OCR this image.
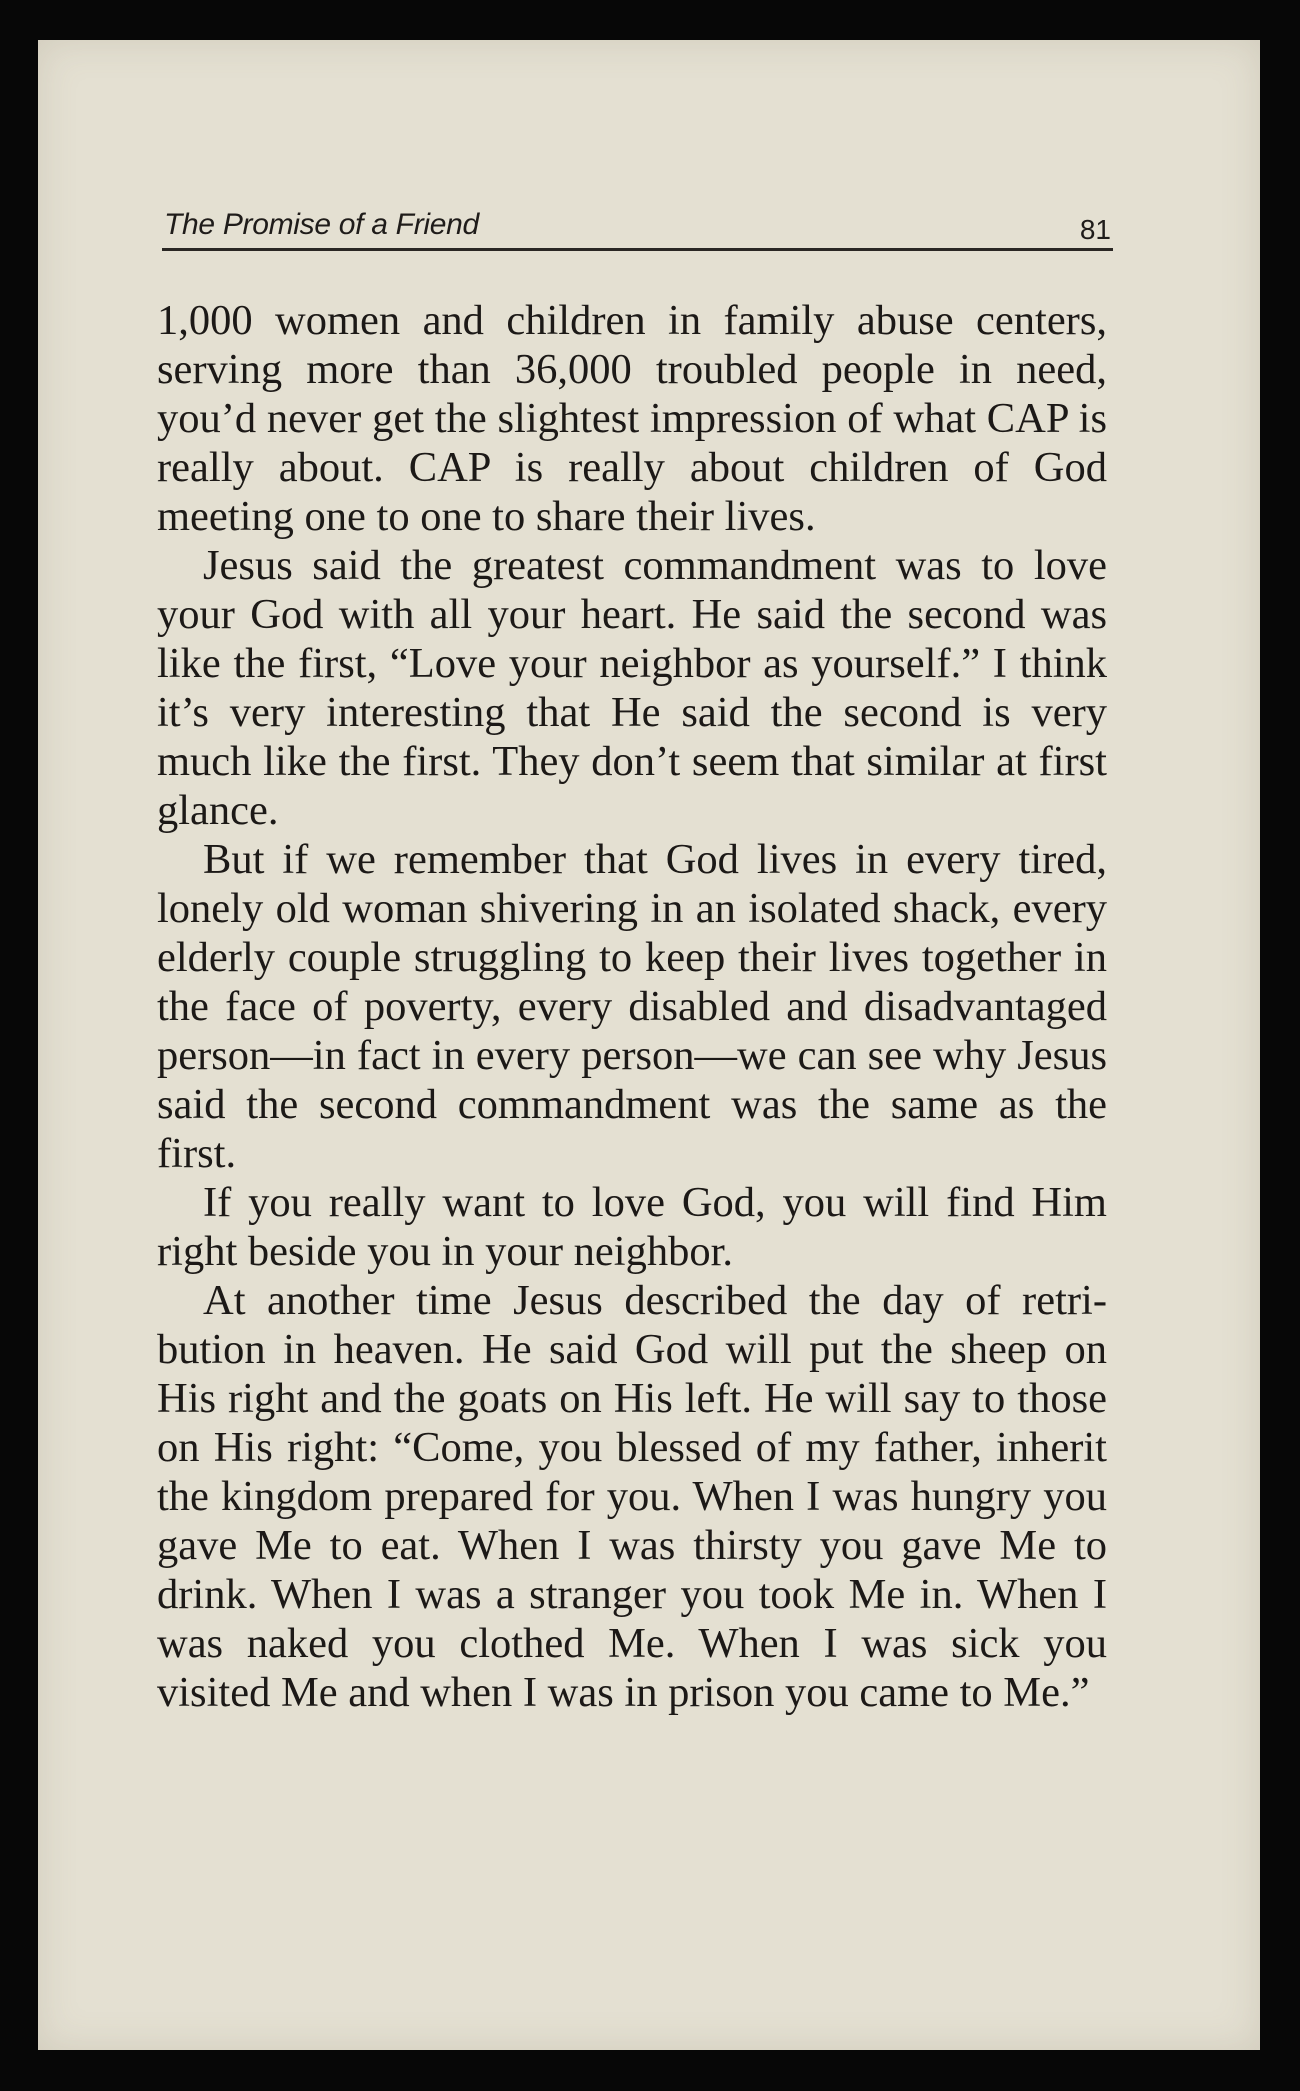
The Promise of a Friend	81

1,000 women and children in family abuse centers, serving more than 36,000 troubled people in need, you’d never get the slightest impression of what CAP is really about. CAP is really about children of God meeting one to one to share their lives.

Jesus said the greatest commandment was to love your God with all your heart. He said the second was like the first, “Love your neighbor as yourself.” I think it’s very interesting that He said the second is very much like the first. They don’t seem that similar at first glance.

But if we remember that God lives in every tired, lonely old woman shivering in an isolated shack, every elderly couple struggling to keep their lives together in the face of poverty, every disabled and disadvantaged person—in fact in every person—we can see why Jesus said the second commandment was the same as the first.

If you really want to love God, you will find Him right beside you in your neighbor.

At another time Jesus described the day of retribution in heaven. He said God will put the sheep on His right and the goats on His left. He will say to those on His right: “Come, you blessed of my father, inherit the kingdom prepared for you. When I was hungry you gave Me to eat. When I was thirsty you gave Me to drink. When I was a stranger you took Me in. When I was naked you clothed Me. When I was sick you visited Me and when I was in prison you came to Me.”
